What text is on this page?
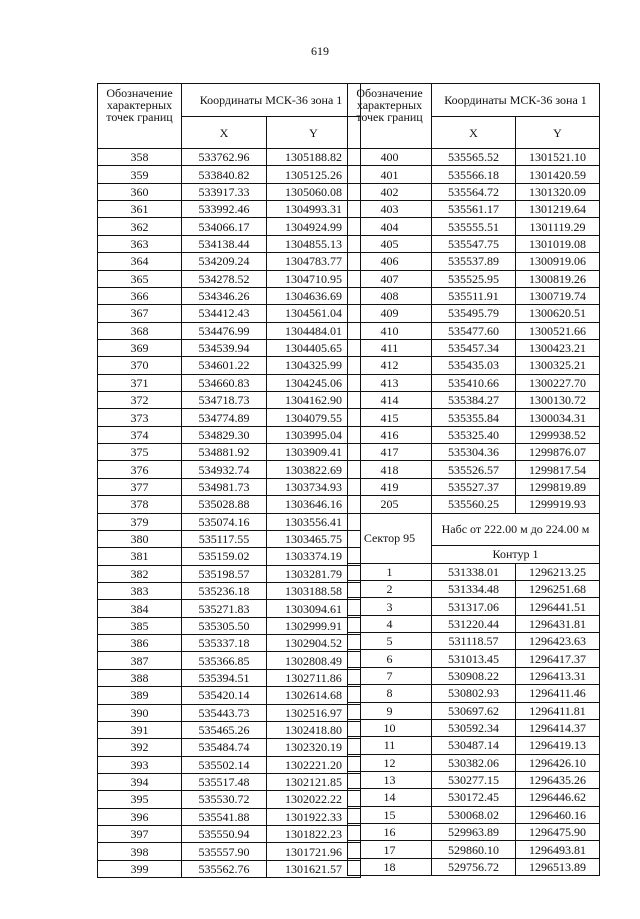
619
Обозначение характерных точек границ	Координаты МСК-36 зона 1	
	X	Y
358	533762.96	1305188.82
359	533840.82	1305125.26
360	533917.33	1305060.08
361	533992.46	1304993.31
362	534066.17	1304924.99
363	534138.44	1304855.13
364	534209.24	1304783.77
365	534278.52	1304710.95
366	534346.26	1304636.69
367	534412.43	1304561.04
368	534476.99	1304484.01
369	534539.94	1304405.65
370	534601.22	1304325.99
371	534660.83	1304245.06
372	534718.73	1304162.90
373	534774.89	1304079.55
374	534829.30	1303995.04
375	534881.92	1303909.41
376	534932.74	1303822.69
377	534981.73	1303734.93
378	535028.88	1303646.16
379	535074.16	1303556.41
380	535117.55	1303465.75
381	535159.02	1303374.19
382	535198.57	1303281.79
383	535236.18	1303188.58
384	535271.83	1303094.61
385	535305.50	1302999.91
386	535337.18	1302904.52
387	535366.85	1302808.49
388	535394.51	1302711.86
389	535420.14	1302614.68
390	535443.73	1302516.97
391	535465.26	1302418.80
392	535484.74	1302320.19
393	535502.14	1302221.20
394	535517.48	1302121.85
395	535530.72	1302022.22
396	535541.88	1301922.33
397	535550.94	1301822.23
398	535557.90	1301721.96
399	535562.76	1301621.57
Обозначение характерных точек границ	Координаты МСК-36 зона 1	
	X	Y
400	535565.52	1301521.10
401	535566.18	1301420.59
402	535564.72	1301320.09
403	535561.17	1301219.64
404	535555.51	1301119.29
405	535547.75	1301019.08
406	535537.89	1300919.06
407	535525.95	1300819.26
408	535511.91	1300719.74
409	535495.79	1300620.51
410	535477.60	1300521.66
411	535457.34	1300423.21
412	535435.03	1300325.21
413	535410.66	1300227.70
414	535384.27	1300130.72
415	535355.84	1300034.31
416	535325.40	1299938.52
417	535304.36	1299876.07
418	535526.57	1299817.54
419	535527.37	1299819.89
205	535560.25	1299919.93
Сектор 95	Набс от 222.00 м до 224.00 м	

	Контур 1	
1	531338.01	1296213.25
2	531334.48	1296251.68
3	531317.06	1296441.51
4	531220.44	1296431.81
5	531118.57	1296423.63
6	531013.45	1296417.37
7	530908.22	1296413.31
8	530802.93	1296411.46
9	530697.62	1296411.81
10	530592.34	1296414.37
11	530487.14	1296419.13
12	530382.06	1296426.10
13	530277.15	1296435.26
14	530172.45	1296446.62
15	530068.02	1296460.16
16	529963.89	1296475.90
17	529860.10	1296493.81
18	529756.72	1296513.89
